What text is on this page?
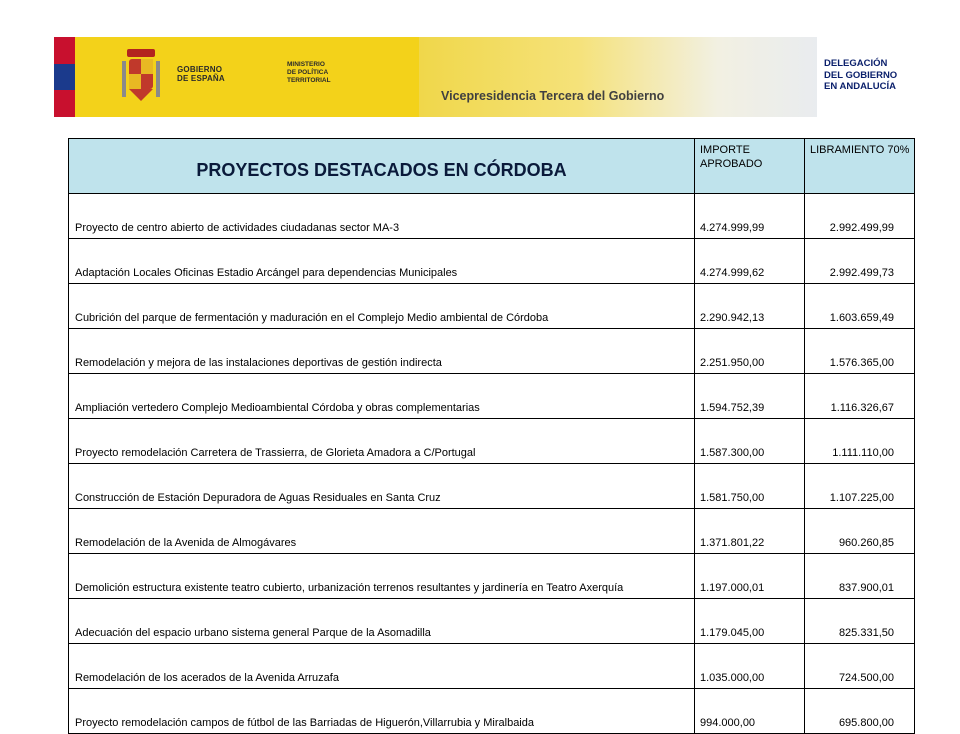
GOBIERNO
DE ESPAÑA
MINISTERIO
DE POLÍTICA
TERRITORIAL
Vicepresidencia Tercera del Gobierno
DELEGACIÓN
DEL GOBIERNO
EN ANDALUCÍA
PROYECTOS DESTACADOS EN CÓRDOBA	IMPORTE APROBADO	LIBRAMIENTO 70%
Proyecto de centro abierto de actividades ciudadanas sector MA-3	4.274.999,99	2.992.499,99
Adaptación Locales Oficinas Estadio Arcángel para dependencias Municipales	4.274.999,62	2.992.499,73
Cubrición del parque de fermentación y maduración en el Complejo Medio ambiental de Córdoba	2.290.942,13	1.603.659,49
Remodelación y mejora de las instalaciones deportivas de gestión indirecta	2.251.950,00	1.576.365,00
Ampliación vertedero Complejo Medioambiental Córdoba y obras complementarias	1.594.752,39	1.116.326,67
Proyecto remodelación Carretera de Trassierra, de Glorieta Amadora a C/Portugal	1.587.300,00	1.111.110,00
Construcción de Estación Depuradora de Aguas Residuales en Santa Cruz	1.581.750,00	1.107.225,00
Remodelación de la Avenida de Almogávares	1.371.801,22	960.260,85
Demolición estructura existente teatro cubierto, urbanización terrenos resultantes y jardinería en Teatro Axerquía	1.197.000,01	837.900,01
Adecuación del espacio urbano sistema general Parque de la Asomadilla	1.179.045,00	825.331,50
Remodelación de los acerados de la Avenida Arruzafa	1.035.000,00	724.500,00
Proyecto remodelación campos de fútbol de las Barriadas de Higuerón,Villarrubia y Miralbaida	994.000,00	695.800,00
